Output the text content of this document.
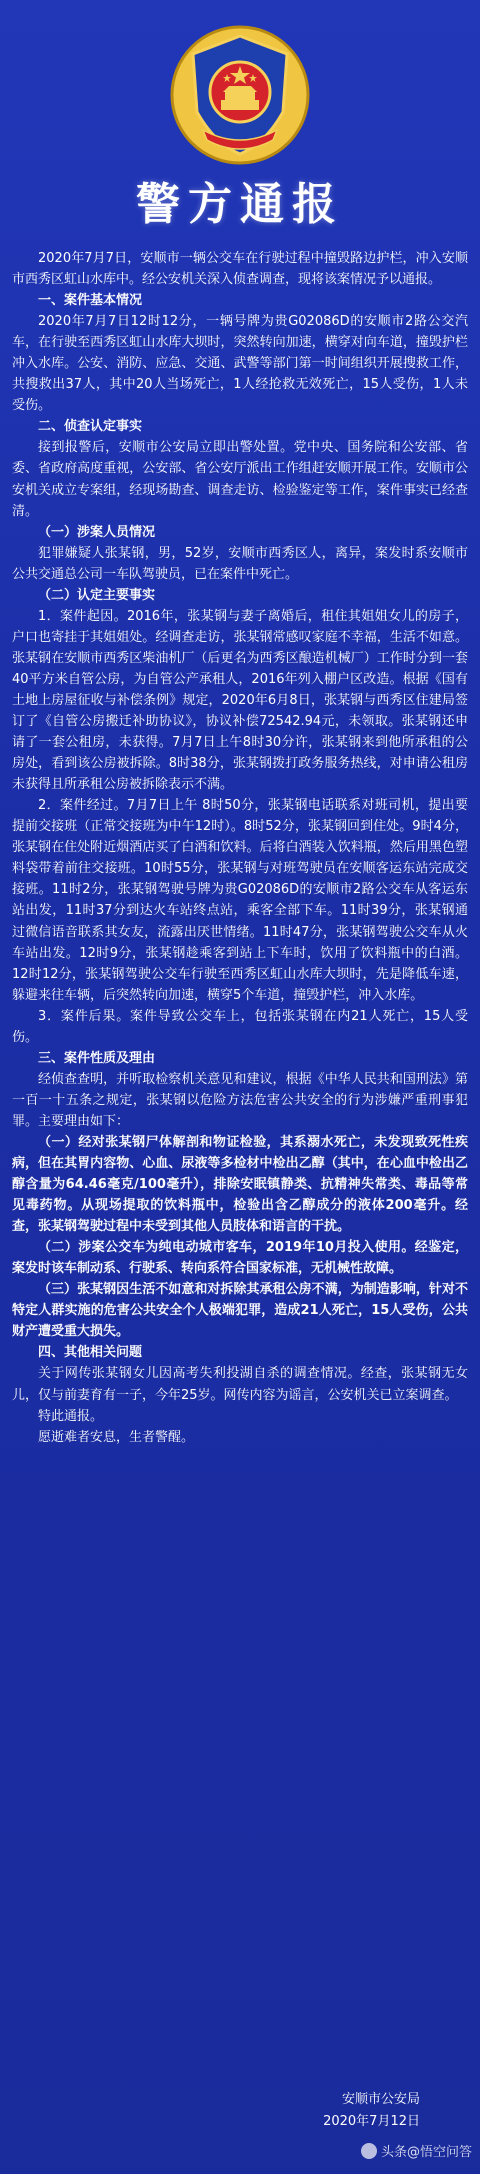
警方通报

2020年7月7日，安顺市一辆公交车在行驶过程中撞毁路边护栏，冲入安顺市西秀区虹山水库中。经公安机关深入侦查调查，现将该案情况予以通报。

一、案件基本情况

2020年7月7日12时12分，一辆号牌为贵G02086D的安顺市2路公交汽车，在行驶至西秀区虹山水库大坝时，突然转向加速，横穿对向车道，撞毁护栏冲入水库。公安、消防、应急、交通、武警等部门第一时间组织开展搜救工作，共搜救出37人，其中20人当场死亡，1人经抢救无效死亡，15人受伤，1人未受伤。

二、侦查认定事实

接到报警后，安顺市公安局立即出警处置。党中央、国务院和公安部、省委、省政府高度重视，公安部、省公安厅派出工作组赶安顺开展工作。安顺市公安机关成立专案组，经现场勘查、调查走访、检验鉴定等工作，案件事实已经查清。

（一）涉案人员情况

犯罪嫌疑人张某钢，男，52岁，安顺市西秀区人，离异，案发时系安顺市公共交通总公司一车队驾驶员，已在案件中死亡。

（二）认定主要事实

1．案件起因。2016年，张某钢与妻子离婚后，租住其姐姐女儿的房子，户口也寄挂于其姐姐处。经调查走访，张某钢常感叹家庭不幸福，生活不如意。张某钢在安顺市西秀区柴油机厂（后更名为西秀区酿造机械厂）工作时分到一套40平方米自管公房，为自管公产承租人，2016年列入棚户区改造。根据《国有土地上房屋征收与补偿条例》规定，2020年6月8日，张某钢与西秀区住建局签订了《自管公房搬迁补助协议》，协议补偿72542.94元，未领取。张某钢还申请了一套公租房，未获得。7月7日上午8时30分许，张某钢来到他所承租的公房处，看到该公房被拆除。8时38分，张某钢拨打政务服务热线，对申请公租房未获得且所承租公房被拆除表示不满。

2．案件经过。7月7日上午 8时50分，张某钢电话联系对班司机，提出要提前交接班（正常交接班为中午12时）。8时52分，张某钢回到住处。9时4分，张某钢在住处附近烟酒店买了白酒和饮料。后将白酒装入饮料瓶，然后用黑色塑料袋带着前往交接班。10时55分，张某钢与对班驾驶员在安顺客运东站完成交接班。11时2分，张某钢驾驶号牌为贵G02086D的安顺市2路公交车从客运东站出发，11时37分到达火车站终点站，乘客全部下车。11时39分，张某钢通过微信语音联系其女友，流露出厌世情绪。11时47分，张某钢驾驶公交车从火车站出发。12时9分，张某钢趁乘客到站上下车时，饮用了饮料瓶中的白酒。12时12分，张某钢驾驶公交车行驶至西秀区虹山水库大坝时，先是降低车速，躲避来往车辆，后突然转向加速，横穿5个车道，撞毁护栏，冲入水库。

3．案件后果。案件导致公交车上，包括张某钢在内21人死亡，15人受伤。

三、案件性质及理由

经侦查查明，并听取检察机关意见和建议，根据《中华人民共和国刑法》第一百一十五条之规定，张某钢以危险方法危害公共安全的行为涉嫌严重刑事犯罪。主要理由如下：

（一）经对张某钢尸体解剖和物证检验，其系溺水死亡，未发现致死性疾病，但在其胃内容物、心血、尿液等多检材中检出乙醇（其中，在心血中检出乙醇含量为64.46毫克/100毫升），排除安眠镇静类、抗精神失常类、毒品等常见毒药物。从现场提取的饮料瓶中，检验出含乙醇成分的液体200毫升。经查，张某钢驾驶过程中未受到其他人员肢体和语言的干扰。

（二）涉案公交车为纯电动城市客车，2019年10月投入使用。经鉴定，案发时该车制动系、行驶系、转向系符合国家标准，无机械性故障。

（三）张某钢因生活不如意和对拆除其承租公房不满，为制造影响，针对不特定人群实施的危害公共安全个人极端犯罪，造成21人死亡，15人受伤，公共财产遭受重大损失。

四、其他相关问题

关于网传张某钢女儿因高考失利投湖自杀的调查情况。经查，张某钢无女儿，仅与前妻育有一子，今年25岁。网传内容为谣言，公安机关已立案调查。

特此通报。

愿逝难者安息，生者警醒。

安顺市公安局
2020年7月12日
头条@悟空问答
